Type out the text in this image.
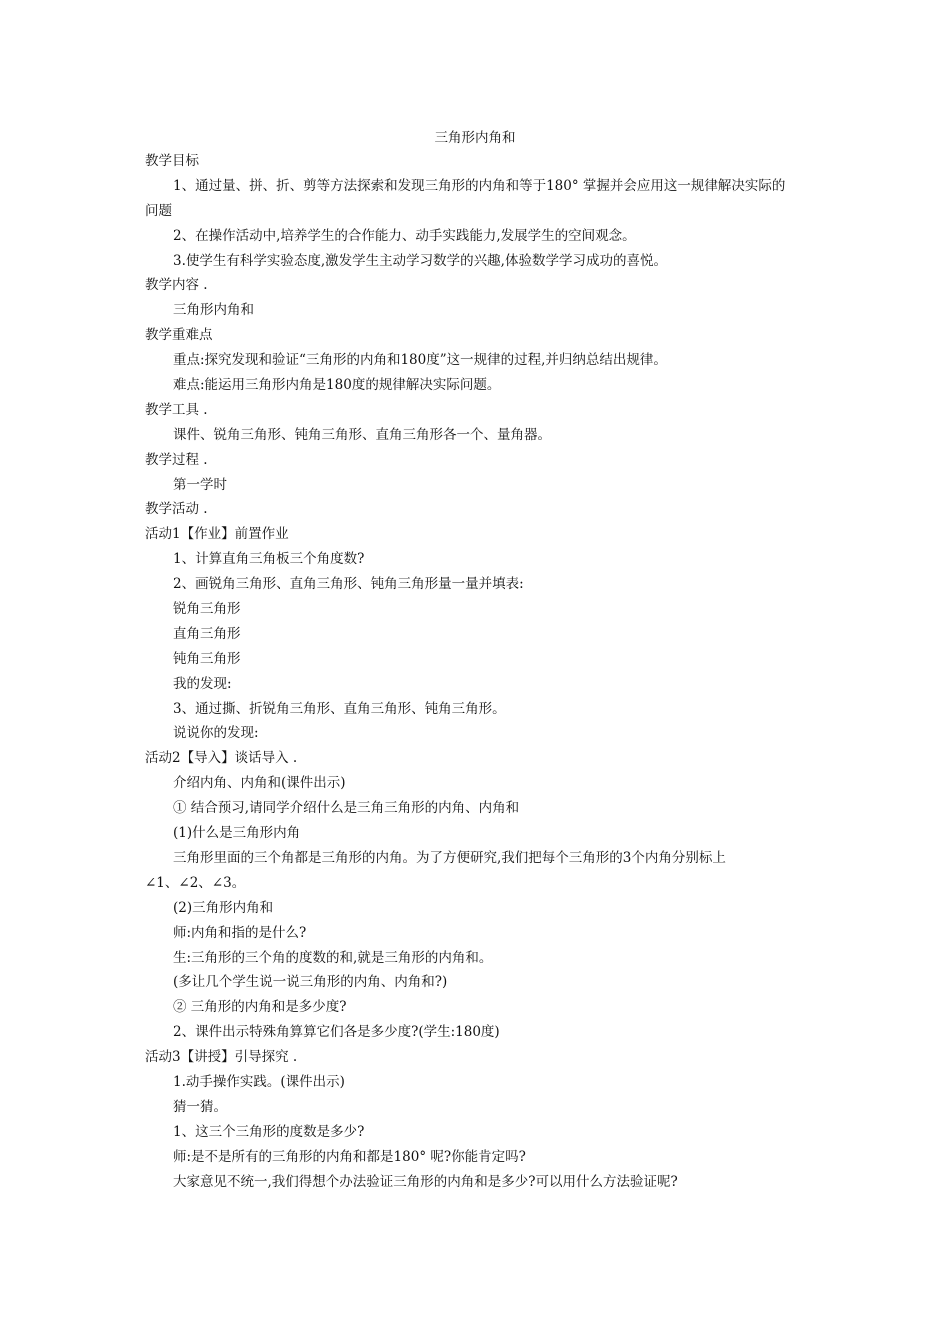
三角形内角和
教学目标
1、通过量、拼、折、剪等方法探索和发现三角形的内角和等于180° 掌握并会应用这一规律解决实际的
问题
2、在操作活动中,培养学生的合作能力、动手实践能力,发展学生的空间观念。
3.使学生有科学实验态度,激发学生主动学习数学的兴趣,体验数学学习成功的喜悦。
教学内容 .
三角形内角和
教学重难点
重点:探究发现和验证“三角形的内角和180度”这一规律的过程,并归纳总结出规律。
难点:能运用三角形内角是180度的规律解决实际问题。
教学工具 .
课件、锐角三角形、钝角三角形、直角三角形各一个、量角器。
教学过程 .
第一学时
教学活动 .
活动1【作业】前置作业
1、计算直角三角板三个角度数?
2、画锐角三角形、直角三角形、钝角三角形量一量并填表:
锐角三角形
直角三角形
钝角三角形
我的发现:
3、通过撕、折锐角三角形、直角三角形、钝角三角形。
说说你的发现:
活动2【导入】谈话导入 .
介绍内角、内角和(课件出示)
① 结合预习,请同学介绍什么是三角三角形的内角、内角和
(1)什么是三角形内角
三角形里面的三个角都是三角形的内角。为了方便研究,我们把每个三角形的3个内角分别标上
∠1、∠2、∠3。
(2)三角形内角和
师:内角和指的是什么?
生:三角形的三个角的度数的和,就是三角形的内角和。
(多让几个学生说一说三角形的内角、内角和?)
② 三角形的内角和是多少度?
2、课件出示特殊角算算它们各是多少度?(学生:180度)
活动3【讲授】引导探究 .
1.动手操作实践。(课件出示)
猜一猜。
1、这三个三角形的度数是多少?
师:是不是所有的三角形的内角和都是180° 呢?你能肯定吗?
大家意见不统一,我们得想个办法验证三角形的内角和是多少?可以用什么方法验证呢?
